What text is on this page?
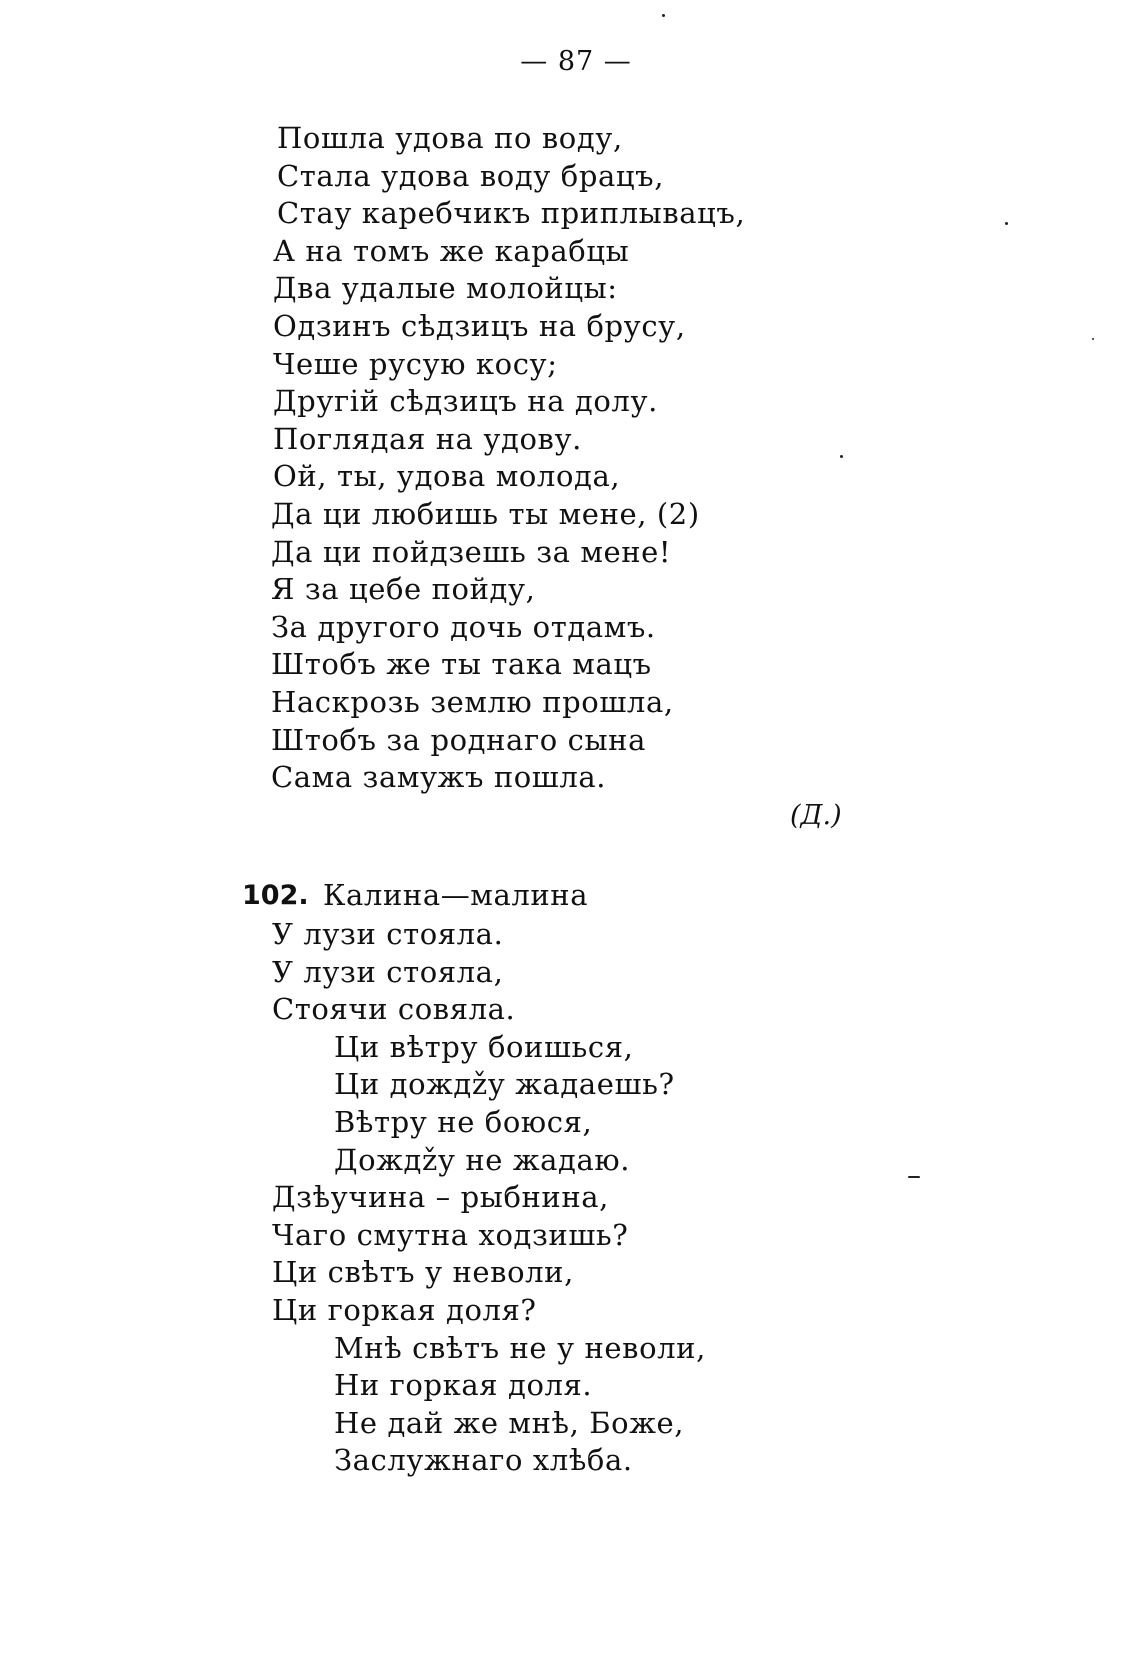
— 87 —
Пошла удова по воду,
Стала удова воду брацъ,
Стау каребчикъ приплывацъ,
А на томъ же карабцы
Два удалые молойцы:
Одзинъ сѣдзицъ на брусу,
Чеше русую косу;
Другiй сѣдзицъ на долу.
Поглядая на удову.
Ой, ты, удова молода,
Да ци любишь ты мене, (2)
Да ци пойдзешь за мене!
Я за цебе пойду,
За другого дочь отдамъ.
Штобъ же ты така мацъ
Наскрозь землю прошла,
Штобъ за роднаго сына
Сама замужъ пошла.
(Д.)
102. Калина—малина
У лузи стояла.
У лузи стояла,
Стоячи совяла.
Ци вѣтру боишься,
Ци дождžу жадаешь?
Вѣтру не боюся,
Дождžу не жадаю.
Дзѣучина – рыбнина,
Чаго смутна ходзишь?
Ци свѣтъ у неволи,
Ци горкая доля?
Мнѣ свѣтъ не у неволи,
Ни горкая доля.
Не дай же мнѣ, Боже,
Заслужнаго хлѣба.
